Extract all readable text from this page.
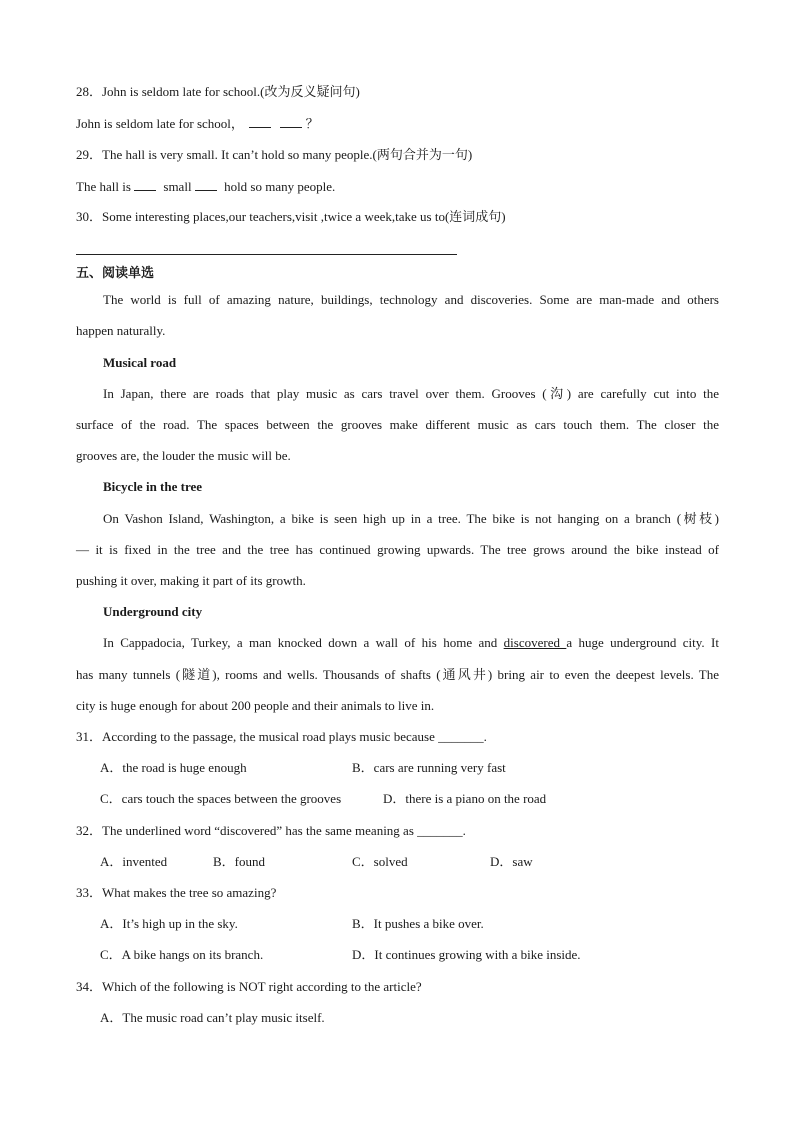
28．John is seldom late for school.(改为反义疑问句)
John is seldom late for school，	？
29．The hall is very small. It can’t hold so many people.(两句合并为一句)
The hall is	small	hold so many people.
30．Some interesting places,our teachers,visit ,twice a week,take us to(连词成句)
五、阅读单选
The world is full of amazing nature, buildings, technology and discoveries. Some are man-made and others
happen naturally.
Musical road
In Japan, there are roads that play music as cars travel over them. Grooves (沟) are carefully cut into the
surface of the road. The spaces between the grooves make different music as cars touch them. The closer the
grooves are, the louder the music will be.
Bicycle in the tree
On Vashon Island, Washington, a bike is seen high up in a tree. The bike is not hanging on a branch (树枝)
— it is fixed in the tree and the tree has continued growing upwards. The tree grows around the bike instead of
pushing it over, making it part of its growth.
Underground city
In Cappadocia, Turkey, a man knocked down a wall of his home and discovered a huge underground city. It
has many tunnels (隧道), rooms and wells. Thousands of shafts (通风井) bring air to even the deepest levels. The
city is huge enough for about 200 people and their animals to live in.
31．According to the passage, the musical road plays music because _______.
A．the road is huge enough	B．cars are running very fast
C．cars touch the spaces between the grooves	D．there is a piano on the road
32．The underlined word “discovered” has the same meaning as _______.
A．invented	B．found	C．solved	D．saw
33．What makes the tree so amazing?
A．It’s high up in the sky.	B．It pushes a bike over.
C．A bike hangs on its branch.	D．It continues growing with a bike inside.
34．Which of the following is NOT right according to the article?
A．The music road can’t play music itself.
